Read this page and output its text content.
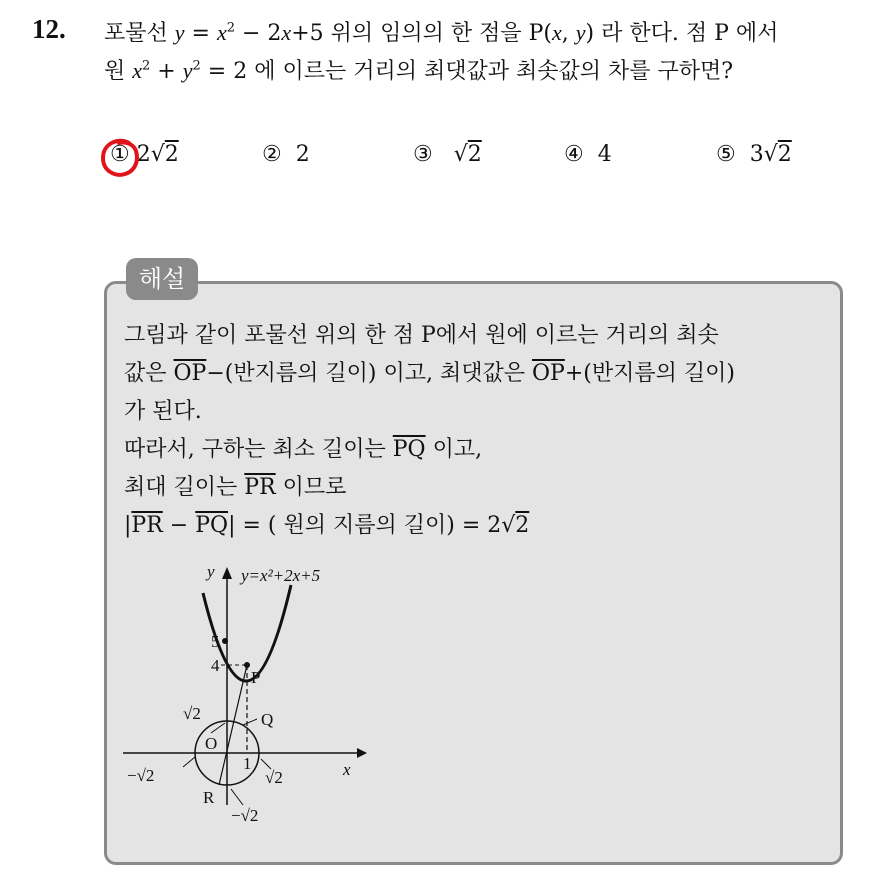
12. 포물선 $y = x^2 - 2x+5$ 위의 임의의 한 점을 P(x, y) 라 한다. 점 P 에서
원 $x^2 + y^2 = 2$ 에 이르는 거리의 최댓값과 최솟값의 차를 구하면?
① 2√2	② 2	③ √2	④ 4	⑤ 3√2
해설
그림과 같이 포물선 위의 한 점 P에서 원에 이르는 거리의 최솟
값은 $\overline{OP}-$(반지름의 길이) 이고, 최댓값은 $\overline{OP}+$(반지름의 길이)
가 된다.
따라서, 구하는 최소 길이는 $\overline{PQ}$ 이고,
최대 길이는 $\overline{PR}$ 이므로
$|\overline{PR} - \overline{PQ}|$ = ( 원의 지름의 길이) = 2√2
y y=x²+2x+5
x
5
4
P
Q
√2
O
1
−√2	√2
R
−√2
